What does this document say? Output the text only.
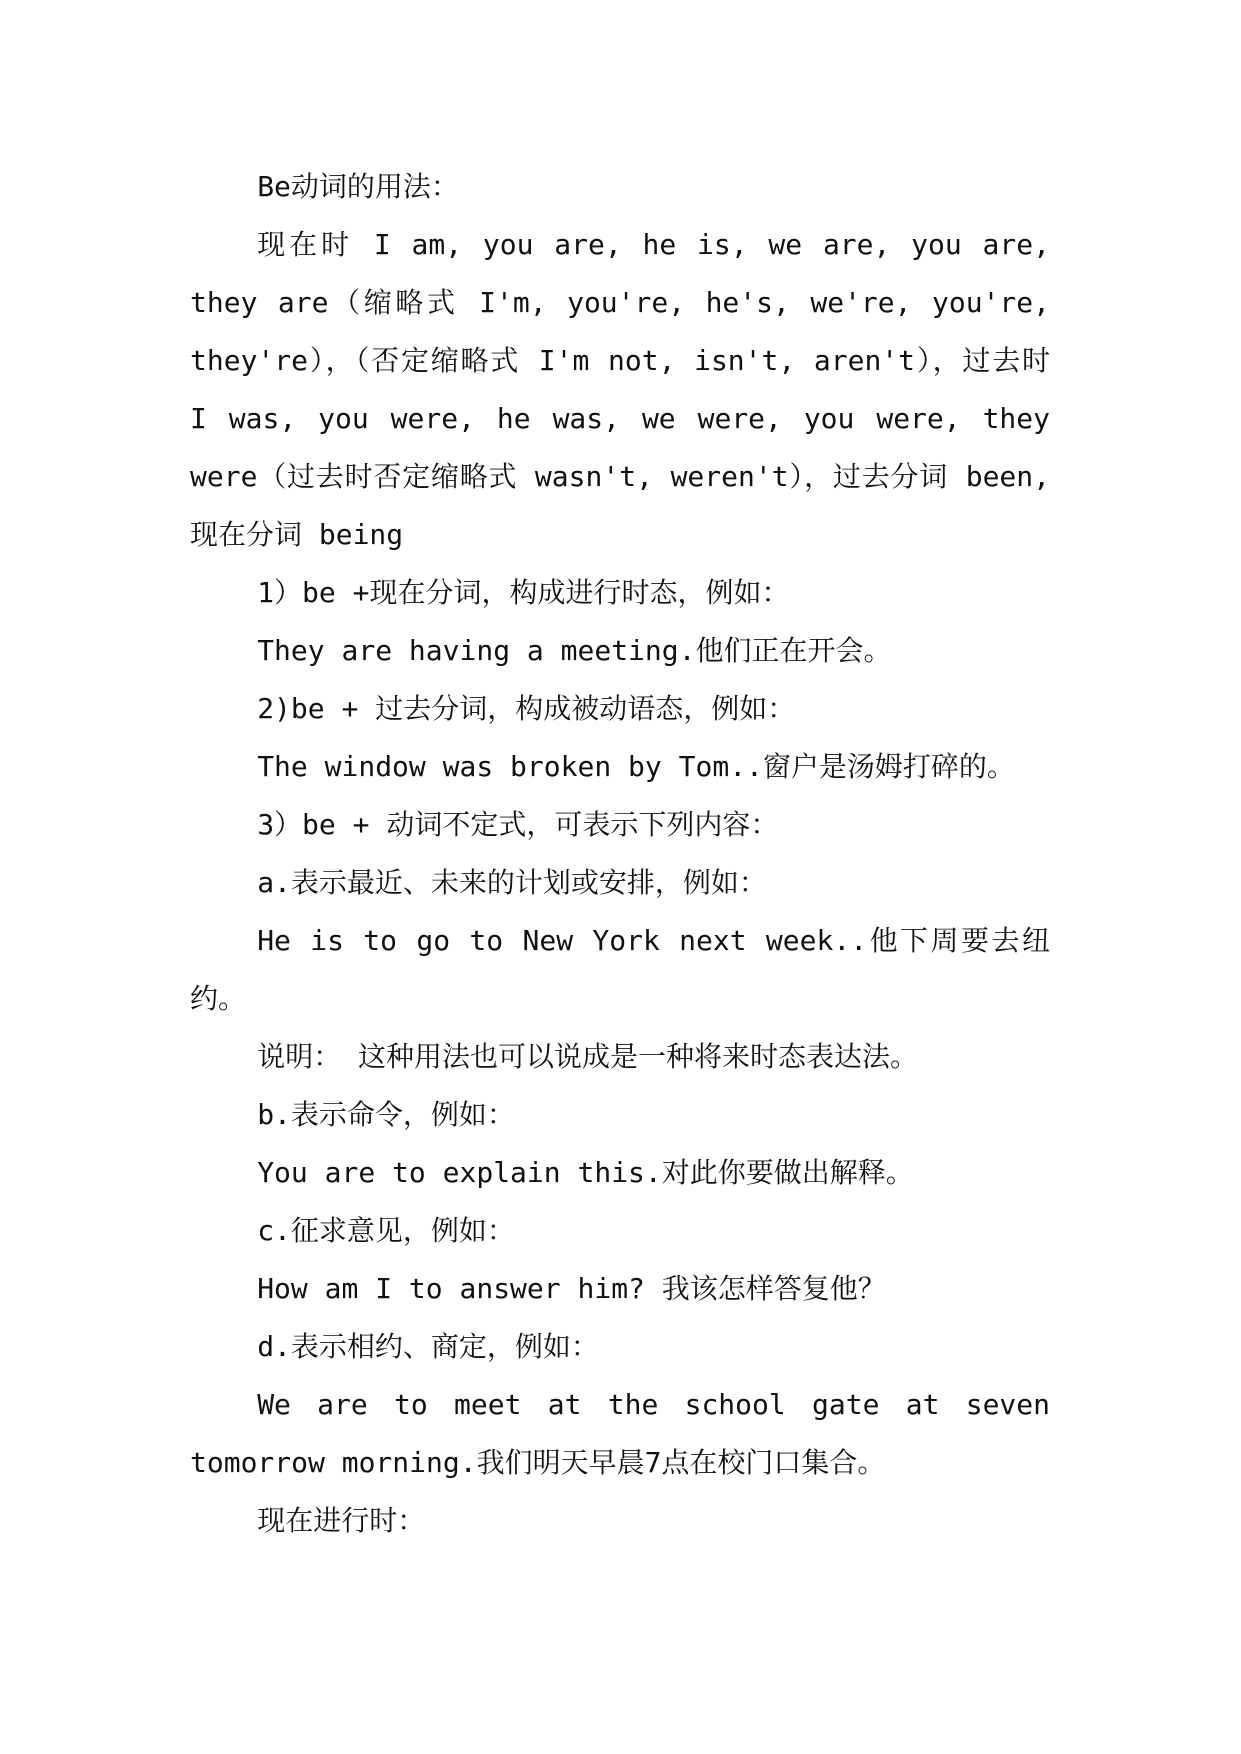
Be动词的用法：

现在时 I am, you are, he is, we are, you are, they are（缩略式 I'm, you're, he's, we're, you're, they're），（否定缩略式 I'm not, isn't, aren't），过去时 I was, you were, he was, we were, you were, they were（过去时否定缩略式 wasn't, weren't），过去分词 been, 现在分词 being

1）be +现在分词，构成进行时态，例如：

They are having a meeting.他们正在开会。

2)be + 过去分词，构成被动语态，例如：

The window was broken by Tom..窗户是汤姆打碎的。

3）be + 动词不定式，可表示下列内容：

a.表示最近、未来的计划或安排，例如：

He is to go to New York next week..他下周要去纽约。

说明： 这种用法也可以说成是一种将来时态表达法。

b.表示命令，例如：

You are to explain this.对此你要做出解释。

c.征求意见，例如：

How am I to answer him? 我该怎样答复他？

d.表示相约、商定，例如：

We are to meet at the school gate at seven tomorrow morning.我们明天早晨7点在校门口集合。

现在进行时：
